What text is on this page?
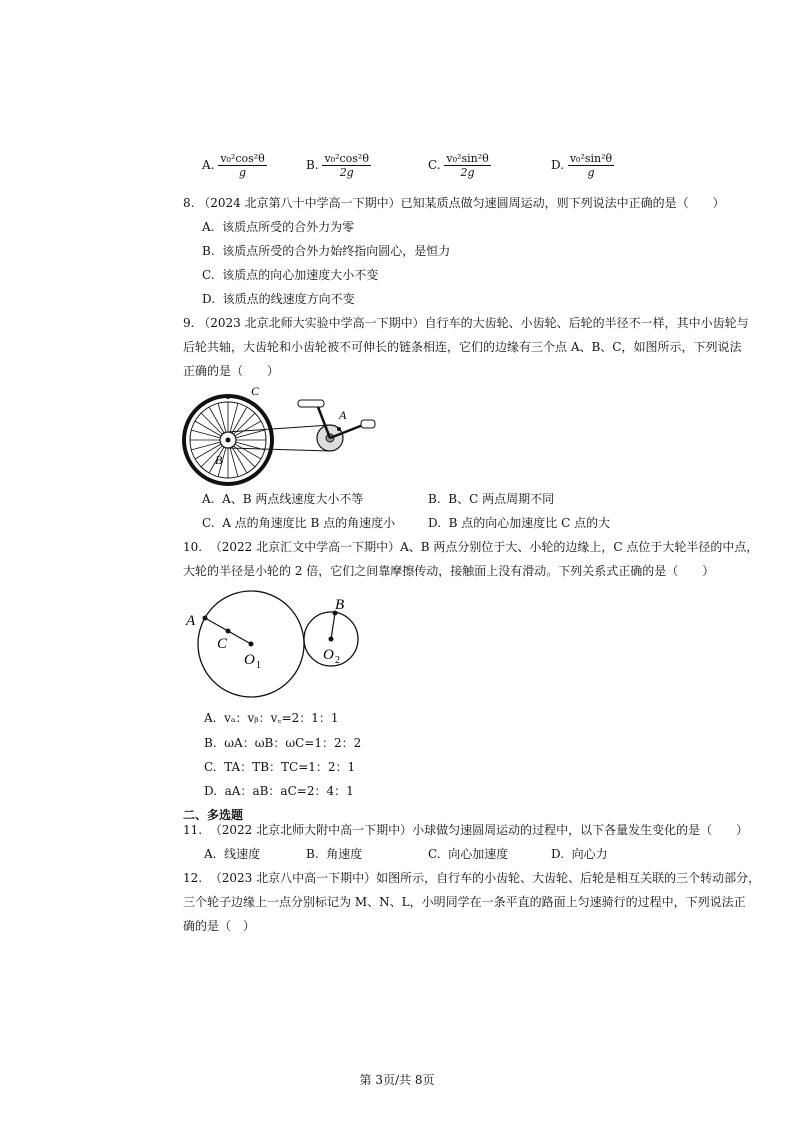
A. $\frac{\text{v₀²cos²θ}}{g}$	B. $\frac{\text{v₀²cos²θ}}{2g}$	C. $\frac{\text{v₀²sin²θ}}{2g}$	D. $\frac{\text{v₀²sin²θ}}{g}$
8. （2024 北京第八十中学高一下期中）已知某质点做匀速圆周运动，则下列说法中正确的是（　　）
A.  该质点所受的合外力为零
B.  该质点所受的合外力始终指向圆心，是恒力
C.  该质点的向心加速度大小不变
D.  该质点的线速度方向不变
9. （2023 北京北师大实验中学高一下期中）自行车的大齿轮、小齿轮、后轮的半径不一样，其中小齿轮与
后轮共轴，大齿轮和小齿轮被不可伸长的链条相连，它们的边缘有三个点 A、B、C，如图所示，下列说法
正确的是（　　）
C
A
B
A.  A、B 两点线速度大小不等	B.  B、C 两点周期不同
C.  A 点的角速度比 B 点的角速度小	D.  B 点的向心加速度比 C 点的大
10.  （2022 北京汇文中学高一下期中）A、B 两点分别位于大、小轮的边缘上，C 点位于大轮半径的中点，
大轮的半径是小轮的 2 倍，它们之间靠摩擦传动，接触面上没有滑动。下列关系式正确的是（　　）
A
C
O 1
B
O 2
A.  vₐ：vᵦ：v꜀=2：1：1
B.  ωA：ωB：ωC=1：2：2
C.  TA：TB：TC=1：2：1
D.  aA：aB：aC=2：4：1
二、多选题
11.  （2022 北京北师大附中高一下期中）小球做匀速圆周运动的过程中，以下各量发生变化的是（　　）
A.  线速度	B.  角速度	C.  向心加速度	D.  向心力
12.  （2023 北京八中高一下期中）如图所示，自行车的小齿轮、大齿轮、后轮是相互关联的三个转动部分，
三个轮子边缘上一点分别标记为 M、N、L，小明同学在一条平直的路面上匀速骑行的过程中，下列说法正
确的是（　）
第 3页/共 8页
